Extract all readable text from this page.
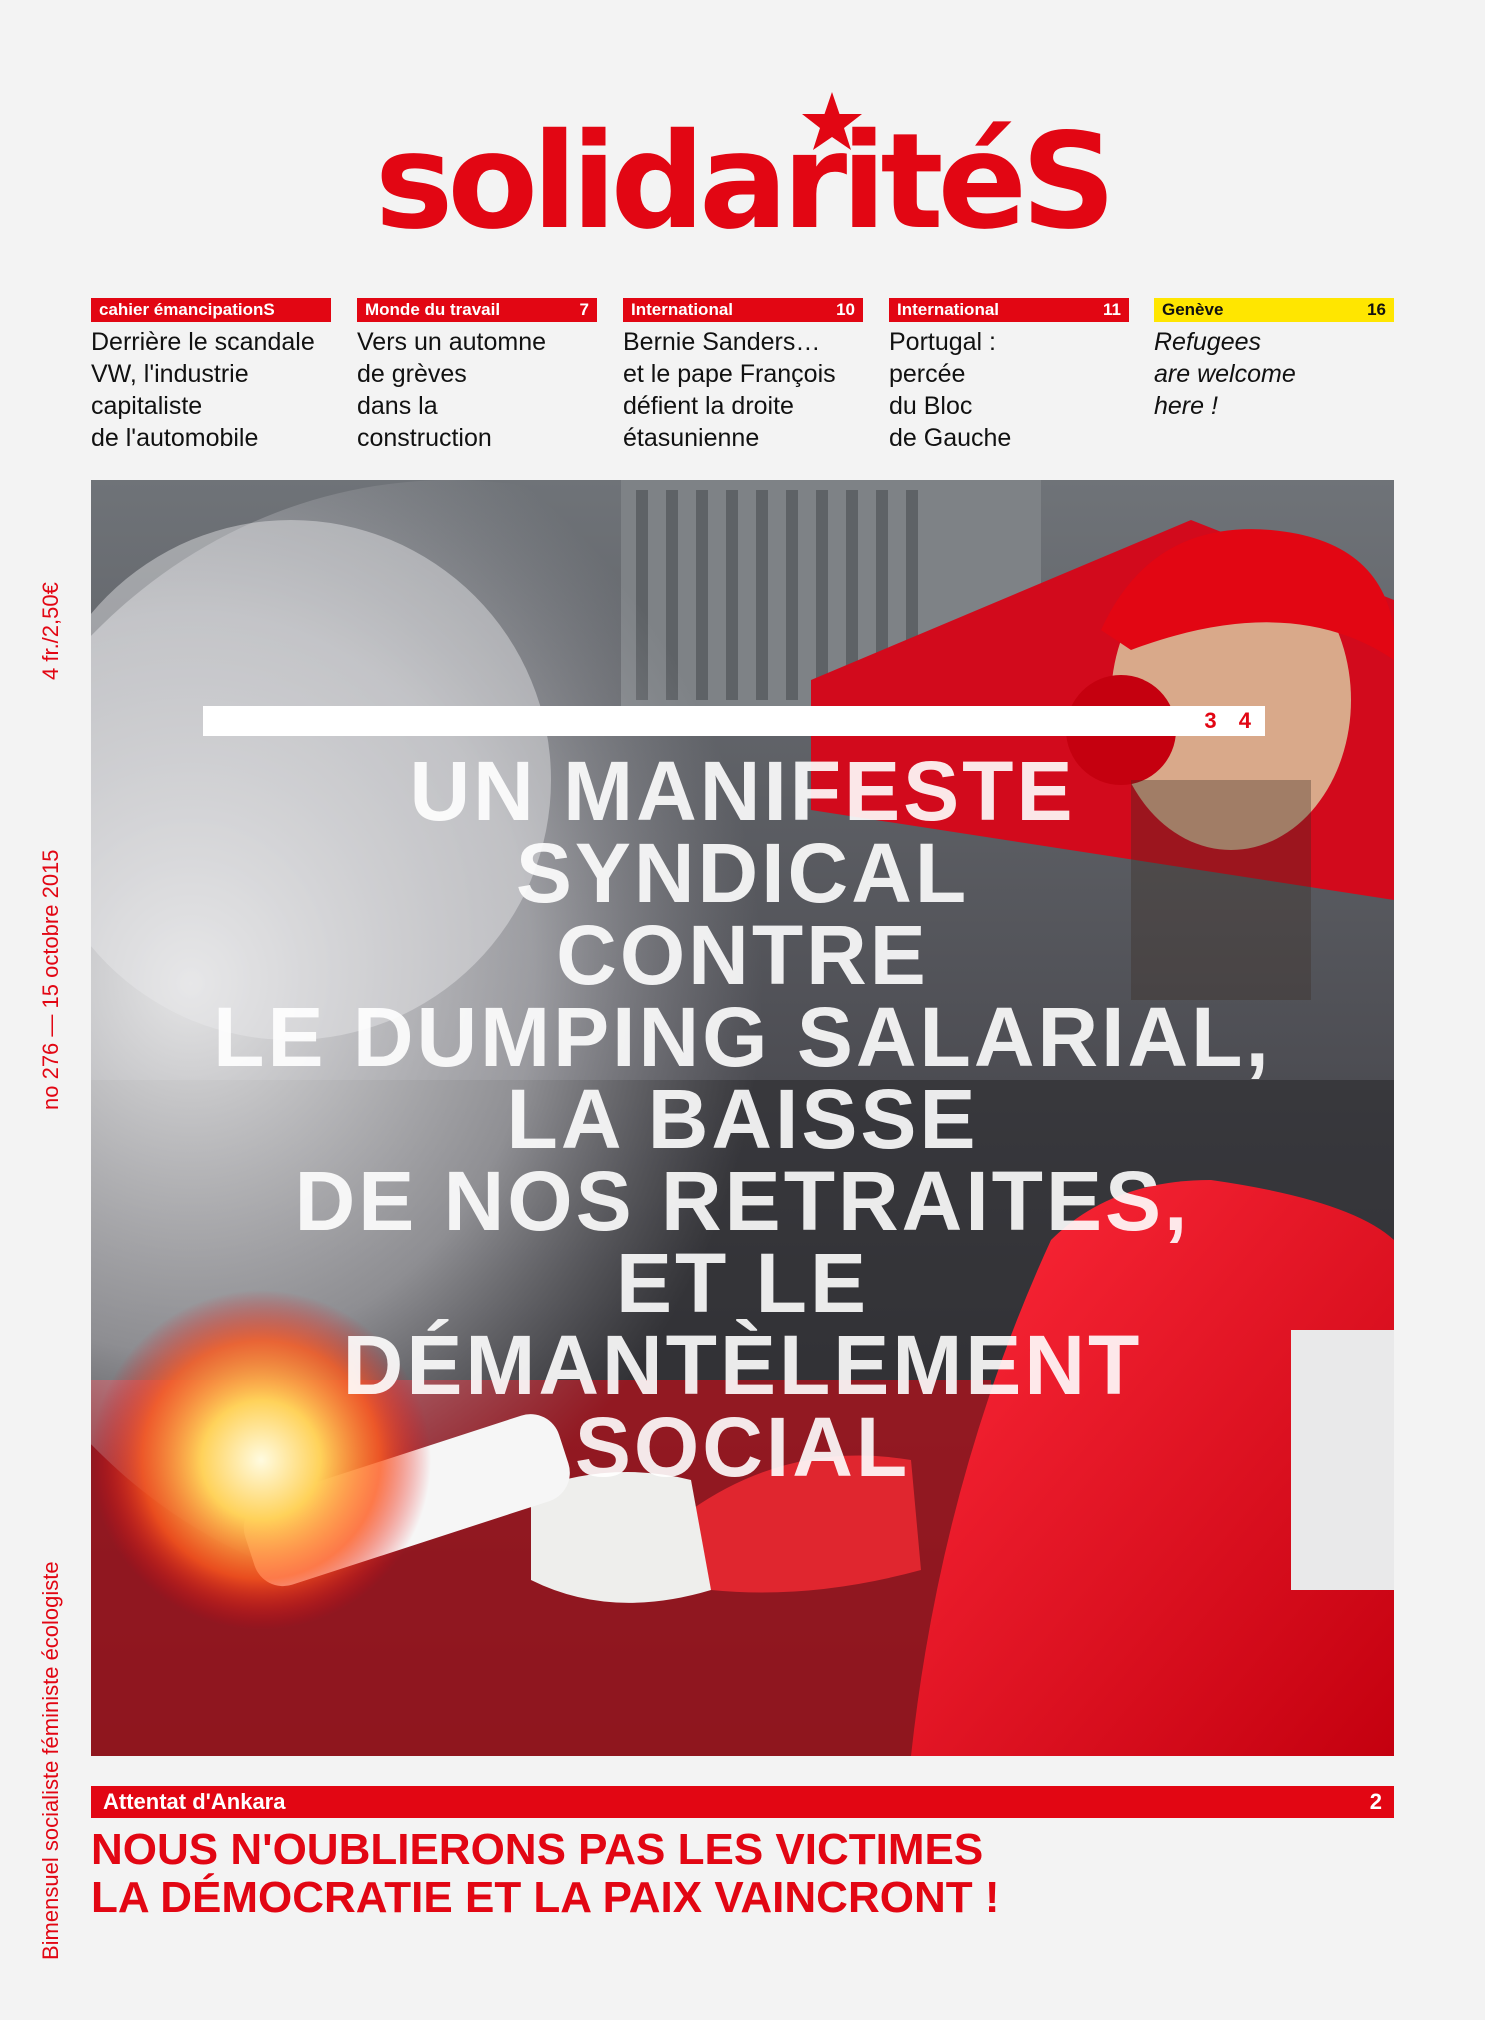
solidaritéS
cahier émancipationS
Derrière le scandale
VW, l'industrie
capitaliste
de l'automobile
Monde du travail	7
Vers un automne
de grèves
dans la
construction
International	10
Bernie Sanders…
et le pape François
défient la droite
étasunienne
International	11
Portugal :
percée
du Bloc
de Gauche
Genève	16
Refugees
are welcome
here !
4 fr./2,50€
no 276 — 15 octobre 2015
Bimensuel socialiste féministe écologiste
3 4
UN MANIFESTE
SYNDICAL
CONTRE
LE DUMPING SALARIAL,
LA BAISSE
DE NOS RETRAITES,
ET LE
DÉMANTÈLEMENT
SOCIAL
Attentat d'Ankara	2
NOUS N'OUBLIERONS PAS LES VICTIMES
LA DÉMOCRATIE ET LA PAIX VAINCRONT !
